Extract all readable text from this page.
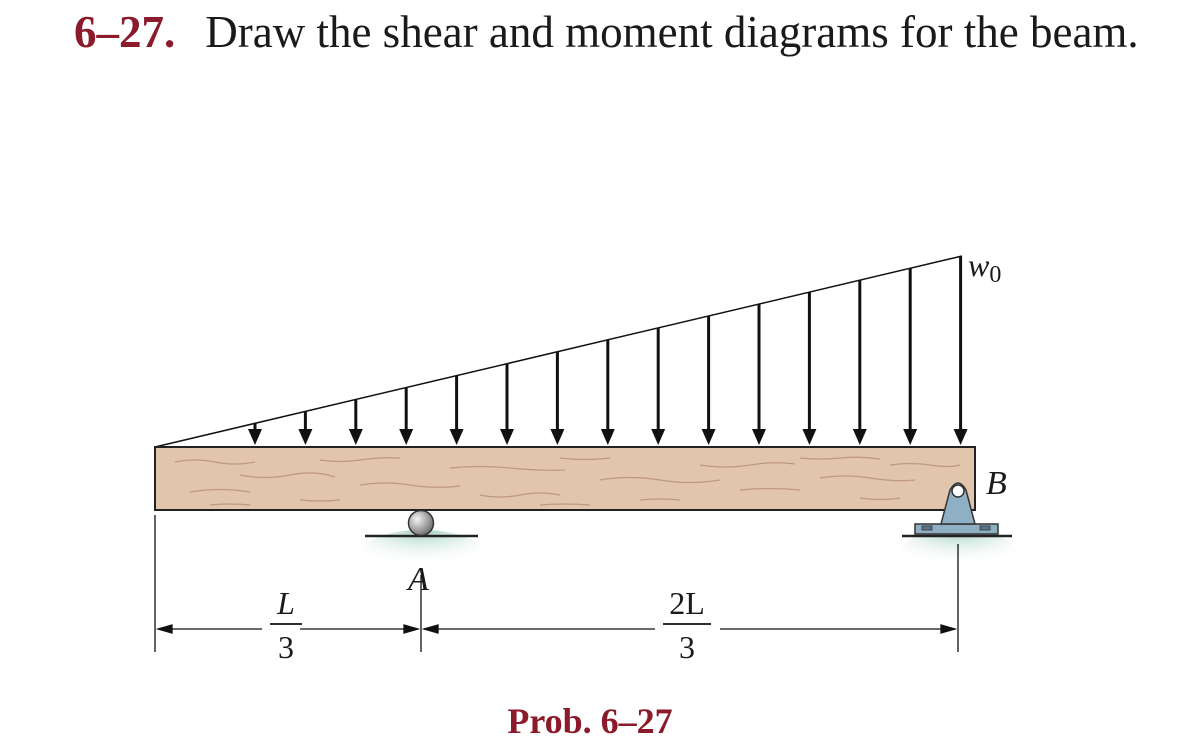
6–27. Draw the shear and moment diagrams for the beam.
w0
B
A
L
3
2L
3
Prob. 6–27
